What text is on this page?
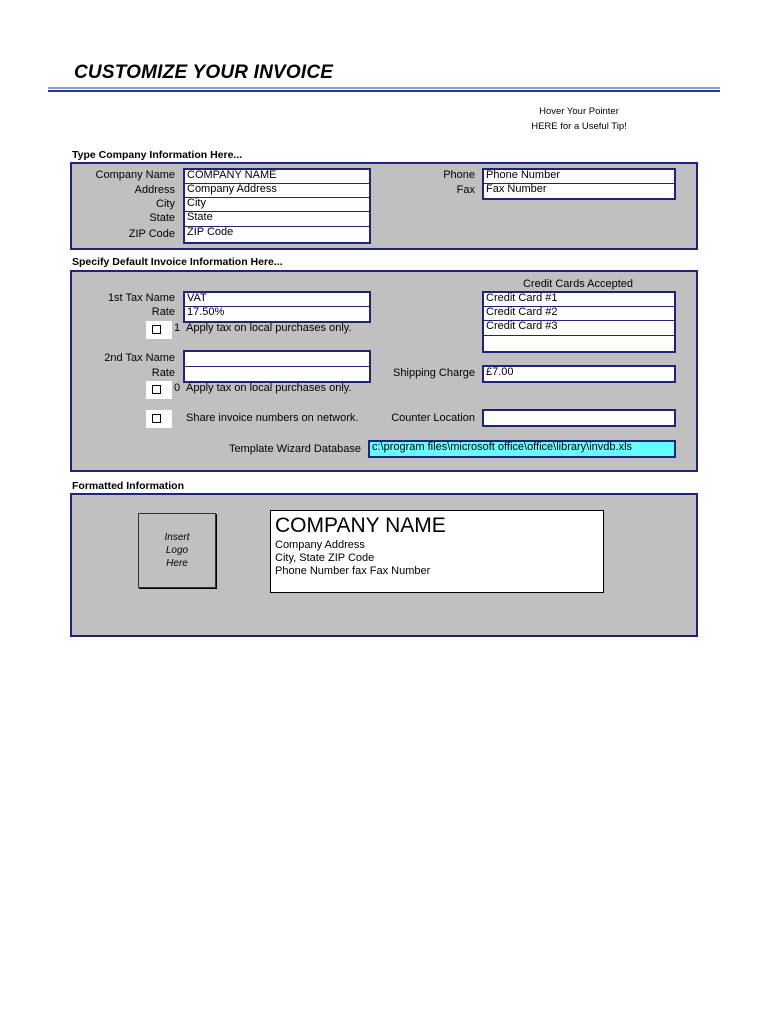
CUSTOMIZE YOUR INVOICE
Hover Your Pointer
HERE for a Useful Tip!
Type Company Information Here...
Company Name
Address
City
State
ZIP Code
COMPANY NAME
Company Address
City
State
ZIP Code
Phone
Fax
Phone Number
Fax Number
Specify Default Invoice Information Here...
1st Tax Name
Rate
VAT
17.50%
1 Apply tax on local purchases only.
2nd Tax Name
Rate
0 Apply tax on local purchases only.
Share invoice numbers on network.
Credit Cards Accepted
Credit Card #1
Credit Card #2
Credit Card #3
Shipping Charge	£7.00
Counter Location
Template Wizard Database	c:\program files\microsoft office\office\library\invdb.xls
Formatted Information
Insert
Logo
Here
COMPANY NAME
Company Address
City, State ZIP Code
Phone Number fax Fax Number
